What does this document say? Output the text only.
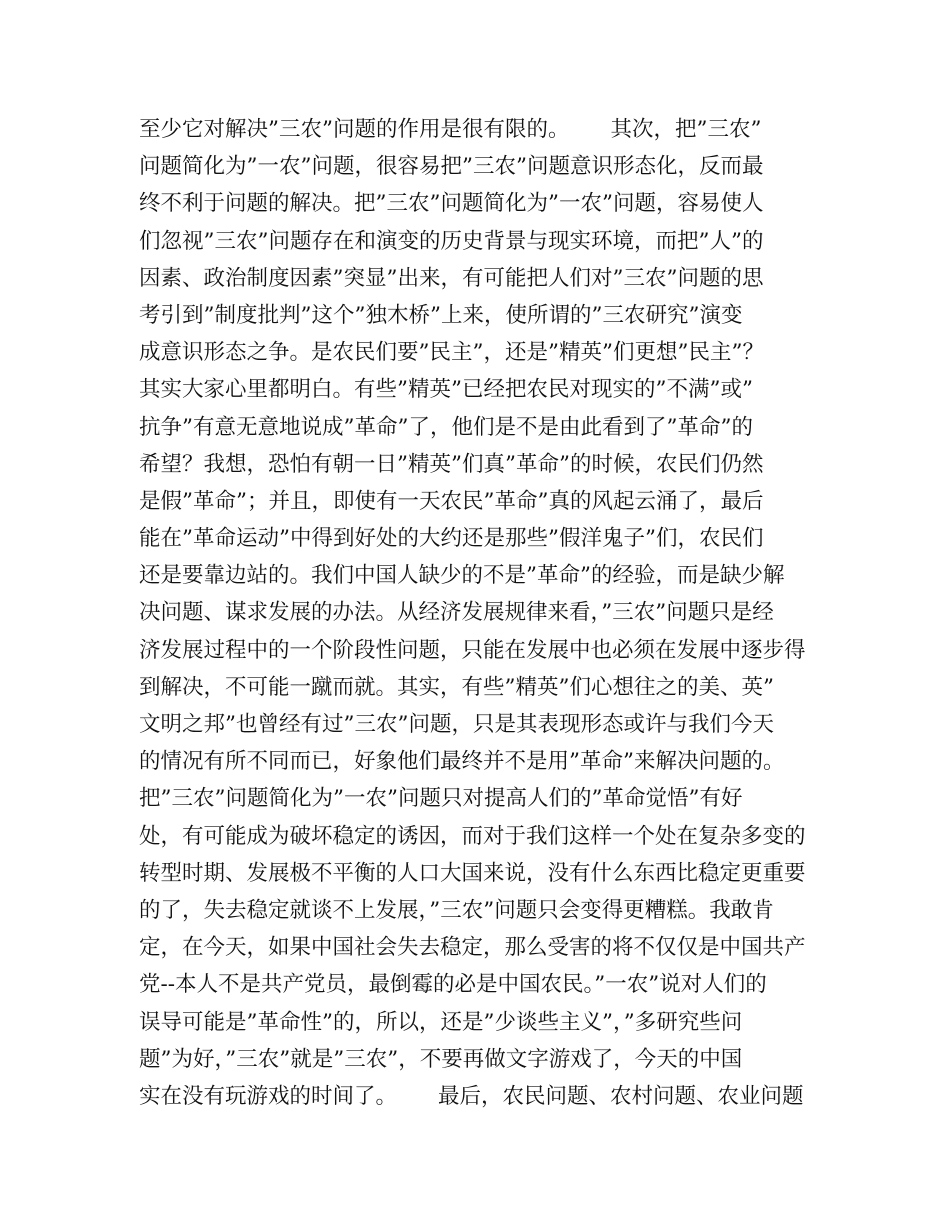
至少它对解决”三农”问题的作用是很有限的。      其次，把”三农”
问题简化为”一农”问题，很容易把”三农”问题意识形态化，反而最
终不利于问题的解决。把”三农”问题简化为”一农”问题，容易使人
们忽视”三农”问题存在和演变的历史背景与现实环境，而把”人”的
因素、政治制度因素”突显”出来，有可能把人们对”三农”问题的思
考引到”制度批判”这个”独木桥”上来，使所谓的”三农研究”演变
成意识形态之争。是农民们要”民主”，还是”精英”们更想”民主”？
其实大家心里都明白。有些”精英”已经把农民对现实的”不满”或”
抗争”有意无意地说成”革命”了，他们是不是由此看到了”革命”的
希望？我想，恐怕有朝一日”精英”们真”革命”的时候，农民们仍然
是假”革命”；并且，即使有一天农民”革命”真的风起云涌了，最后
能在”革命运动”中得到好处的大约还是那些”假洋鬼子”们，农民们
还是要靠边站的。我们中国人缺少的不是”革命”的经验，而是缺少解
决问题、谋求发展的办法。从经济发展规律来看，”三农”问题只是经
济发展过程中的一个阶段性问题，只能在发展中也必须在发展中逐步得
到解决，不可能一蹴而就。其实，有些”精英”们心想往之的美、英”
文明之邦”也曾经有过”三农”问题，只是其表现形态或许与我们今天
的情况有所不同而已，好象他们最终并不是用”革命”来解决问题的。
把”三农”问题简化为”一农”问题只对提高人们的”革命觉悟”有好
处，有可能成为破坏稳定的诱因，而对于我们这样一个处在复杂多变的
转型时期、发展极不平衡的人口大国来说，没有什么东西比稳定更重要
的了，失去稳定就谈不上发展，”三农”问题只会变得更糟糕。我敢肯
定，在今天，如果中国社会失去稳定，那么受害的将不仅仅是中国共产
党--本人不是共产党员，最倒霉的必是中国农民。”一农”说对人们的
误导可能是”革命性”的，所以，还是”少谈些主义”，”多研究些问
题”为好，”三农”就是”三农”，不要再做文字游戏了，今天的中国
实在没有玩游戏的时间了。      最后，农民问题、农村问题、农业问题
